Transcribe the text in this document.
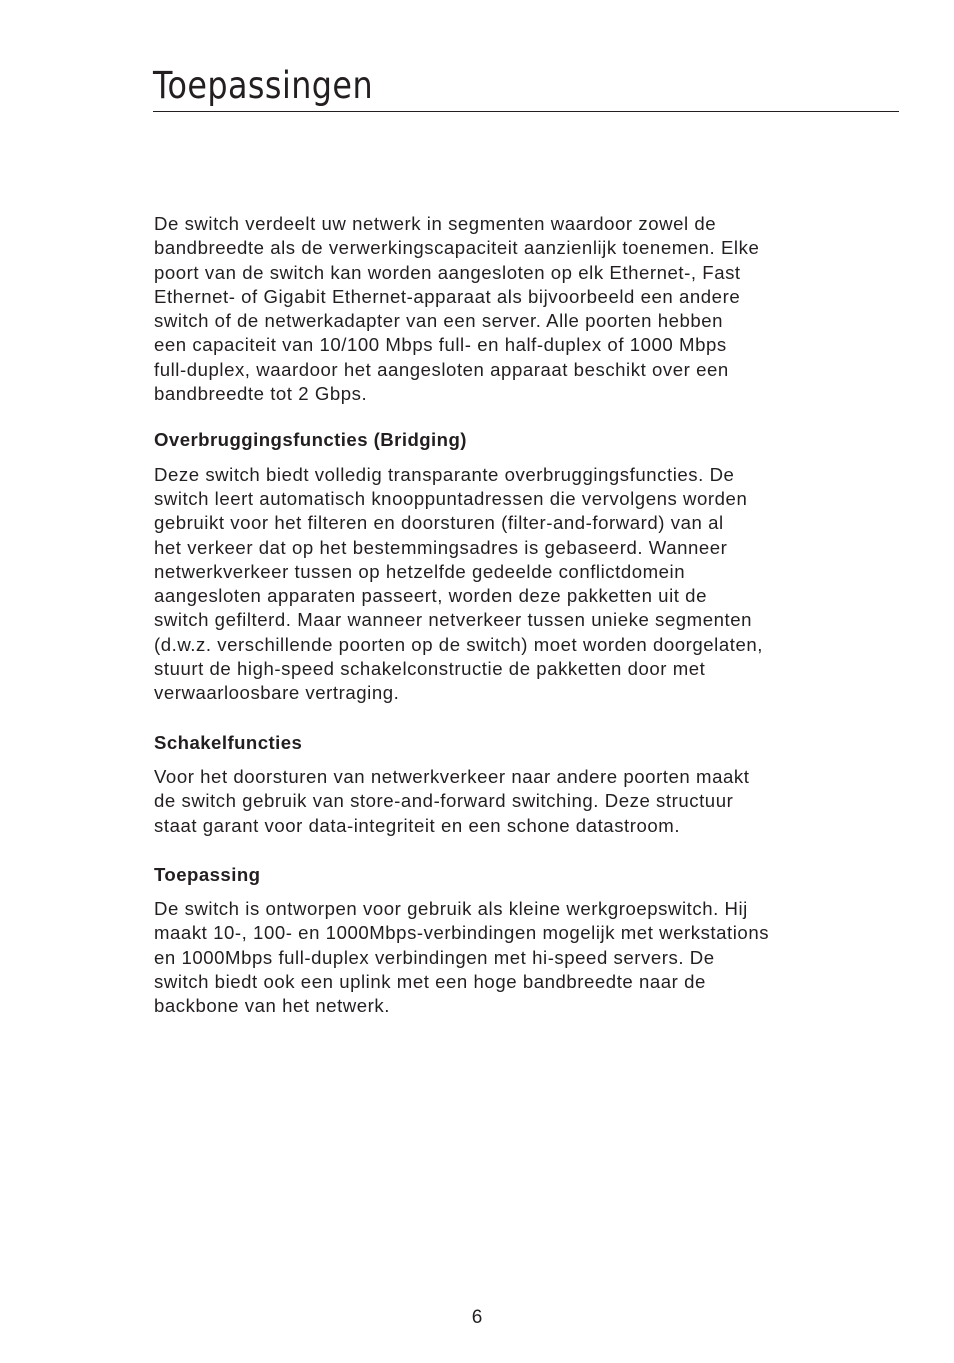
Toepassingen

De switch verdeelt uw netwerk in segmenten waardoor zowel de
bandbreedte als de verwerkingscapaciteit aanzienlijk toenemen. Elke
poort van de switch kan worden aangesloten op elk Ethernet-, Fast
Ethernet- of Gigabit Ethernet-apparaat als bijvoorbeeld een andere
switch of de netwerkadapter van een server. Alle poorten hebben
een capaciteit van 10/100 Mbps full- en half-duplex of 1000 Mbps
full-duplex, waardoor het aangesloten apparaat beschikt over een
bandbreedte tot 2 Gbps.

Overbruggingsfuncties (Bridging)

Deze switch biedt volledig transparante overbruggingsfuncties. De
switch leert automatisch knooppuntadressen die vervolgens worden
gebruikt voor het filteren en doorsturen (filter-and-forward) van al
het verkeer dat op het bestemmingsadres is gebaseerd. Wanneer
netwerkverkeer tussen op hetzelfde gedeelde conflictdomein
aangesloten apparaten passeert, worden deze pakketten uit de
switch gefilterd. Maar wanneer netverkeer tussen unieke segmenten
(d.w.z. verschillende poorten op de switch) moet worden doorgelaten,
stuurt de high-speed schakelconstructie de pakketten door met
verwaarloosbare vertraging.

Schakelfuncties

Voor het doorsturen van netwerkverkeer naar andere poorten maakt
de switch gebruik van store-and-forward switching. Deze structuur
staat garant voor data-integriteit en een schone datastroom.

Toepassing

De switch is ontworpen voor gebruik als kleine werkgroepswitch. Hij
maakt 10-, 100- en 1000Mbps-verbindingen mogelijk met werkstations
en 1000Mbps full-duplex verbindingen met hi-speed servers. De
switch biedt ook een uplink met een hoge bandbreedte naar de
backbone van het netwerk.

6
